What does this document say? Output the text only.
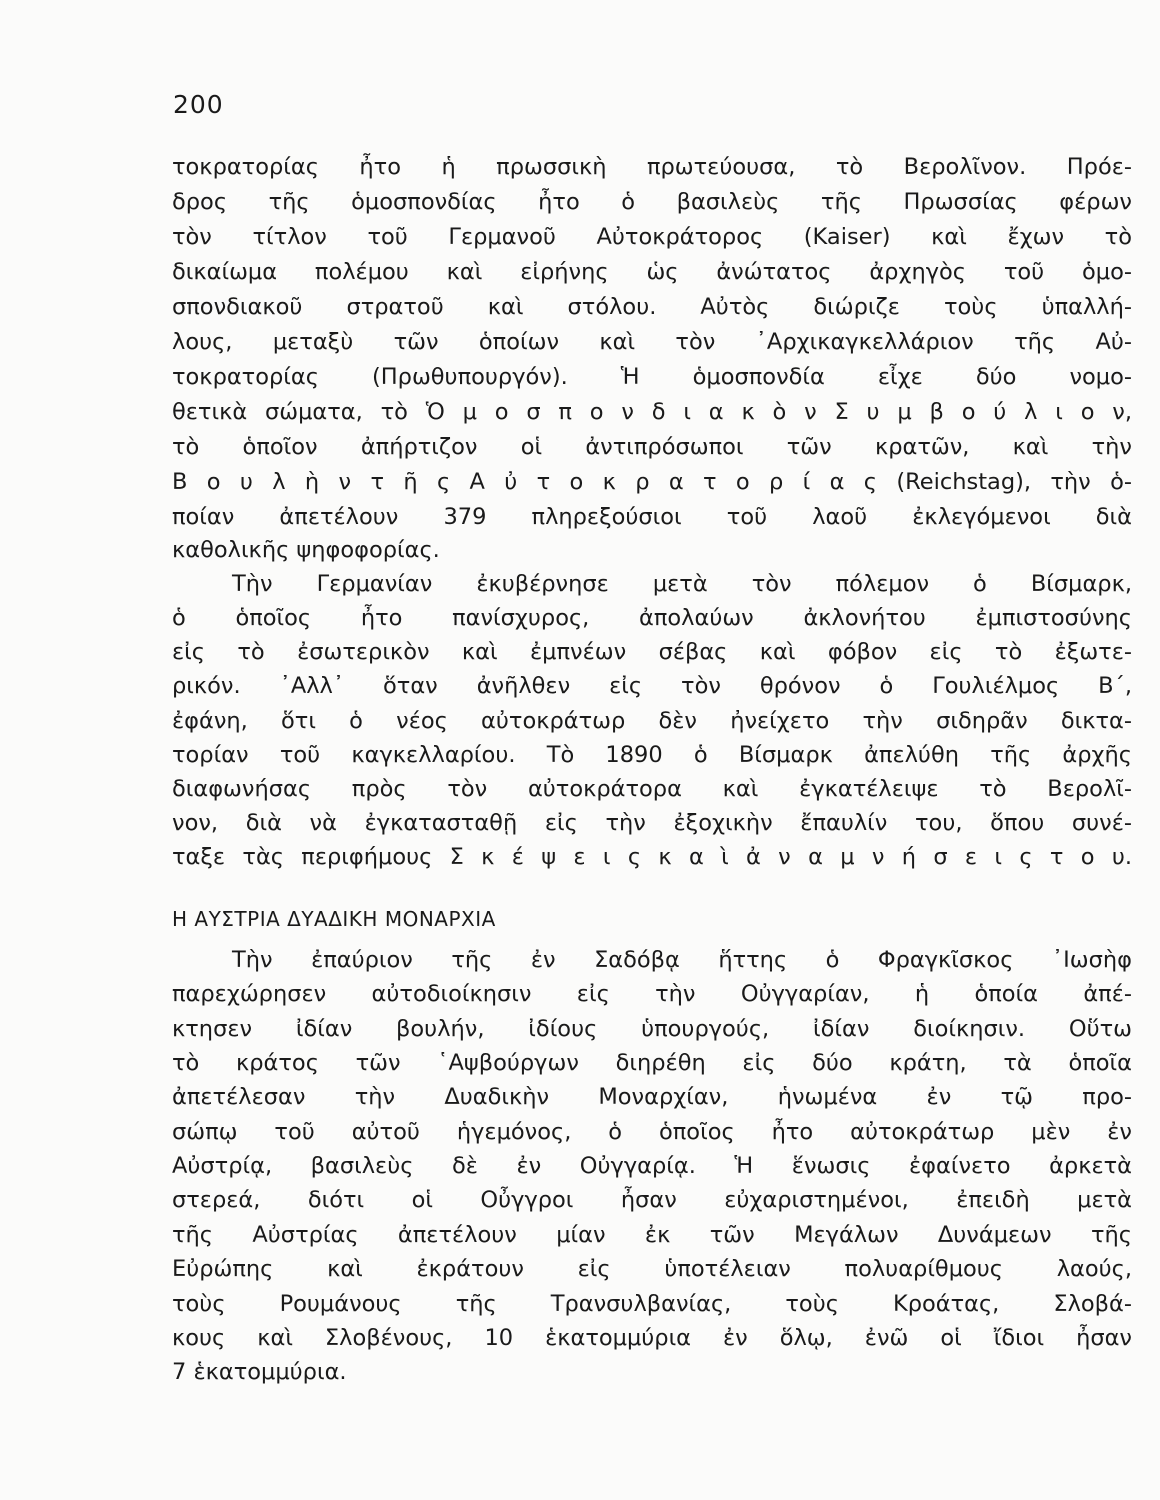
200
τοκρατορίας ἦτο ἡ πρωσσικὴ πρωτεύουσα, τὸ Βερολῖνον. Πρόε-
δρος τῆς ὁμοσπονδίας ἦτο ὁ βασιλεὺς τῆς Πρωσσίας φέρων
τὸν τίτλον τοῦ Γερμανοῦ Αὐτοκράτορος (Kaiser) καὶ ἔχων τὸ
δικαίωμα πολέμου καὶ εἰρήνης ὡς ἀνώτατος ἀρχηγὸς τοῦ ὁμο-
σπονδιακοῦ στρατοῦ καὶ στόλου. Αὐτὸς διώριζε τοὺς ὑπαλλή-
λους, μεταξὺ τῶν ὁποίων καὶ τὸν ᾿Αρχικαγκελλάριον τῆς Αὐ-
τοκρατορίας (Πρωθυπουργόν). Ἡ ὁμοσπονδία εἶχε δύο νομο-
θετικὰ σώματα, τὸ Ὁ μ ο σ π ο ν δ ι α κ ὸ ν Σ υ μ β ο ύ λ ι ο ν,
τὸ ὁποῖον ἀπήρτιζον οἱ ἀντιπρόσωποι τῶν κρατῶν, καὶ τὴν
Β ο υ λ ὴ ν τ ῆ ς Α ὐ τ ο κ ρ α τ ο ρ ί α ς (Reichstag), τὴν ὁ-
ποίαν ἀπετέλουν 379 πληρεξούσιοι τοῦ λαοῦ ἐκλεγόμενοι διὰ
καθολικῆς ψηφοφορίας.
Τὴν Γερμανίαν ἐκυβέρνησε μετὰ τὸν πόλεμον ὁ Βίσμαρκ,
ὁ ὁποῖος ἦτο πανίσχυρος, ἀπολαύων ἀκλονήτου ἐμπιστοσύνης
εἰς τὸ ἐσωτερικὸν καὶ ἐμπνέων σέβας καὶ φόβον εἰς τὸ ἐξωτε-
ρικόν. ᾿Αλλ᾿ ὅταν ἀνῆλθεν εἰς τὸν θρόνον ὁ Γουλιέλμος Β΄,
ἐφάνη, ὅτι ὁ νέος αὐτοκράτωρ δὲν ἠνείχετο τὴν σιδηρᾶν δικτα-
τορίαν τοῦ καγκελλαρίου. Τὸ 1890 ὁ Βίσμαρκ ἀπελύθη τῆς ἀρχῆς
διαφωνήσας πρὸς τὸν αὐτοκράτορα καὶ ἐγκατέλειψε τὸ Βερολῖ-
νον, διὰ νὰ ἐγκατασταθῇ εἰς τὴν ἐξοχικὴν ἔπαυλίν του, ὅπου συνέ-
ταξε τὰς περιφήμους Σ κ έ ψ ε ι ς κ α ὶ ἀ ν α μ ν ή σ ε ι ς τ ο υ.
Η ΑΥΣΤΡΙΑ ΔΥΑΔΙΚΗ ΜΟΝΑΡΧΙΑ
Τὴν ἐπαύριον τῆς ἐν Σαδόβᾳ ἥττης ὁ Φραγκῖσκος ᾿Ιωσὴφ
παρεχώρησεν αὐτοδιοίκησιν εἰς τὴν Οὐγγαρίαν, ἡ ὁποία ἀπέ-
κτησεν ἰδίαν βουλήν, ἰδίους ὑπουργούς, ἰδίαν διοίκησιν. Οὕτω
τὸ κράτος τῶν ῾Αψβούργων διηρέθη εἰς δύο κράτη, τὰ ὁποῖα
ἀπετέλεσαν τὴν Δυαδικὴν Μοναρχίαν, ἡνωμένα ἐν τῷ προ-
σώπῳ τοῦ αὐτοῦ ἡγεμόνος, ὁ ὁποῖος ἦτο αὐτοκράτωρ μὲν ἐν
Αὐστρίᾳ, βασιλεὺς δὲ ἐν Οὐγγαρίᾳ. Ἡ ἕνωσις ἐφαίνετο ἀρκετὰ
στερεά, διότι οἱ Οὖγγροι ἦσαν εὐχαριστημένοι, ἐπειδὴ μετὰ
τῆς Αὐστρίας ἀπετέλουν μίαν ἐκ τῶν Μεγάλων Δυνάμεων τῆς
Εὐρώπης καὶ ἐκράτουν εἰς ὑποτέλειαν πολυαρίθμους λαούς,
τοὺς Ρουμάνους τῆς Τρανσυλβανίας, τοὺς Κροάτας, Σλοβά-
κους καὶ Σλοβένους, 10 ἑκατομμύρια ἐν ὅλῳ, ἐνῶ οἱ ἴδιοι ἦσαν
7 ἑκατομμύρια.
